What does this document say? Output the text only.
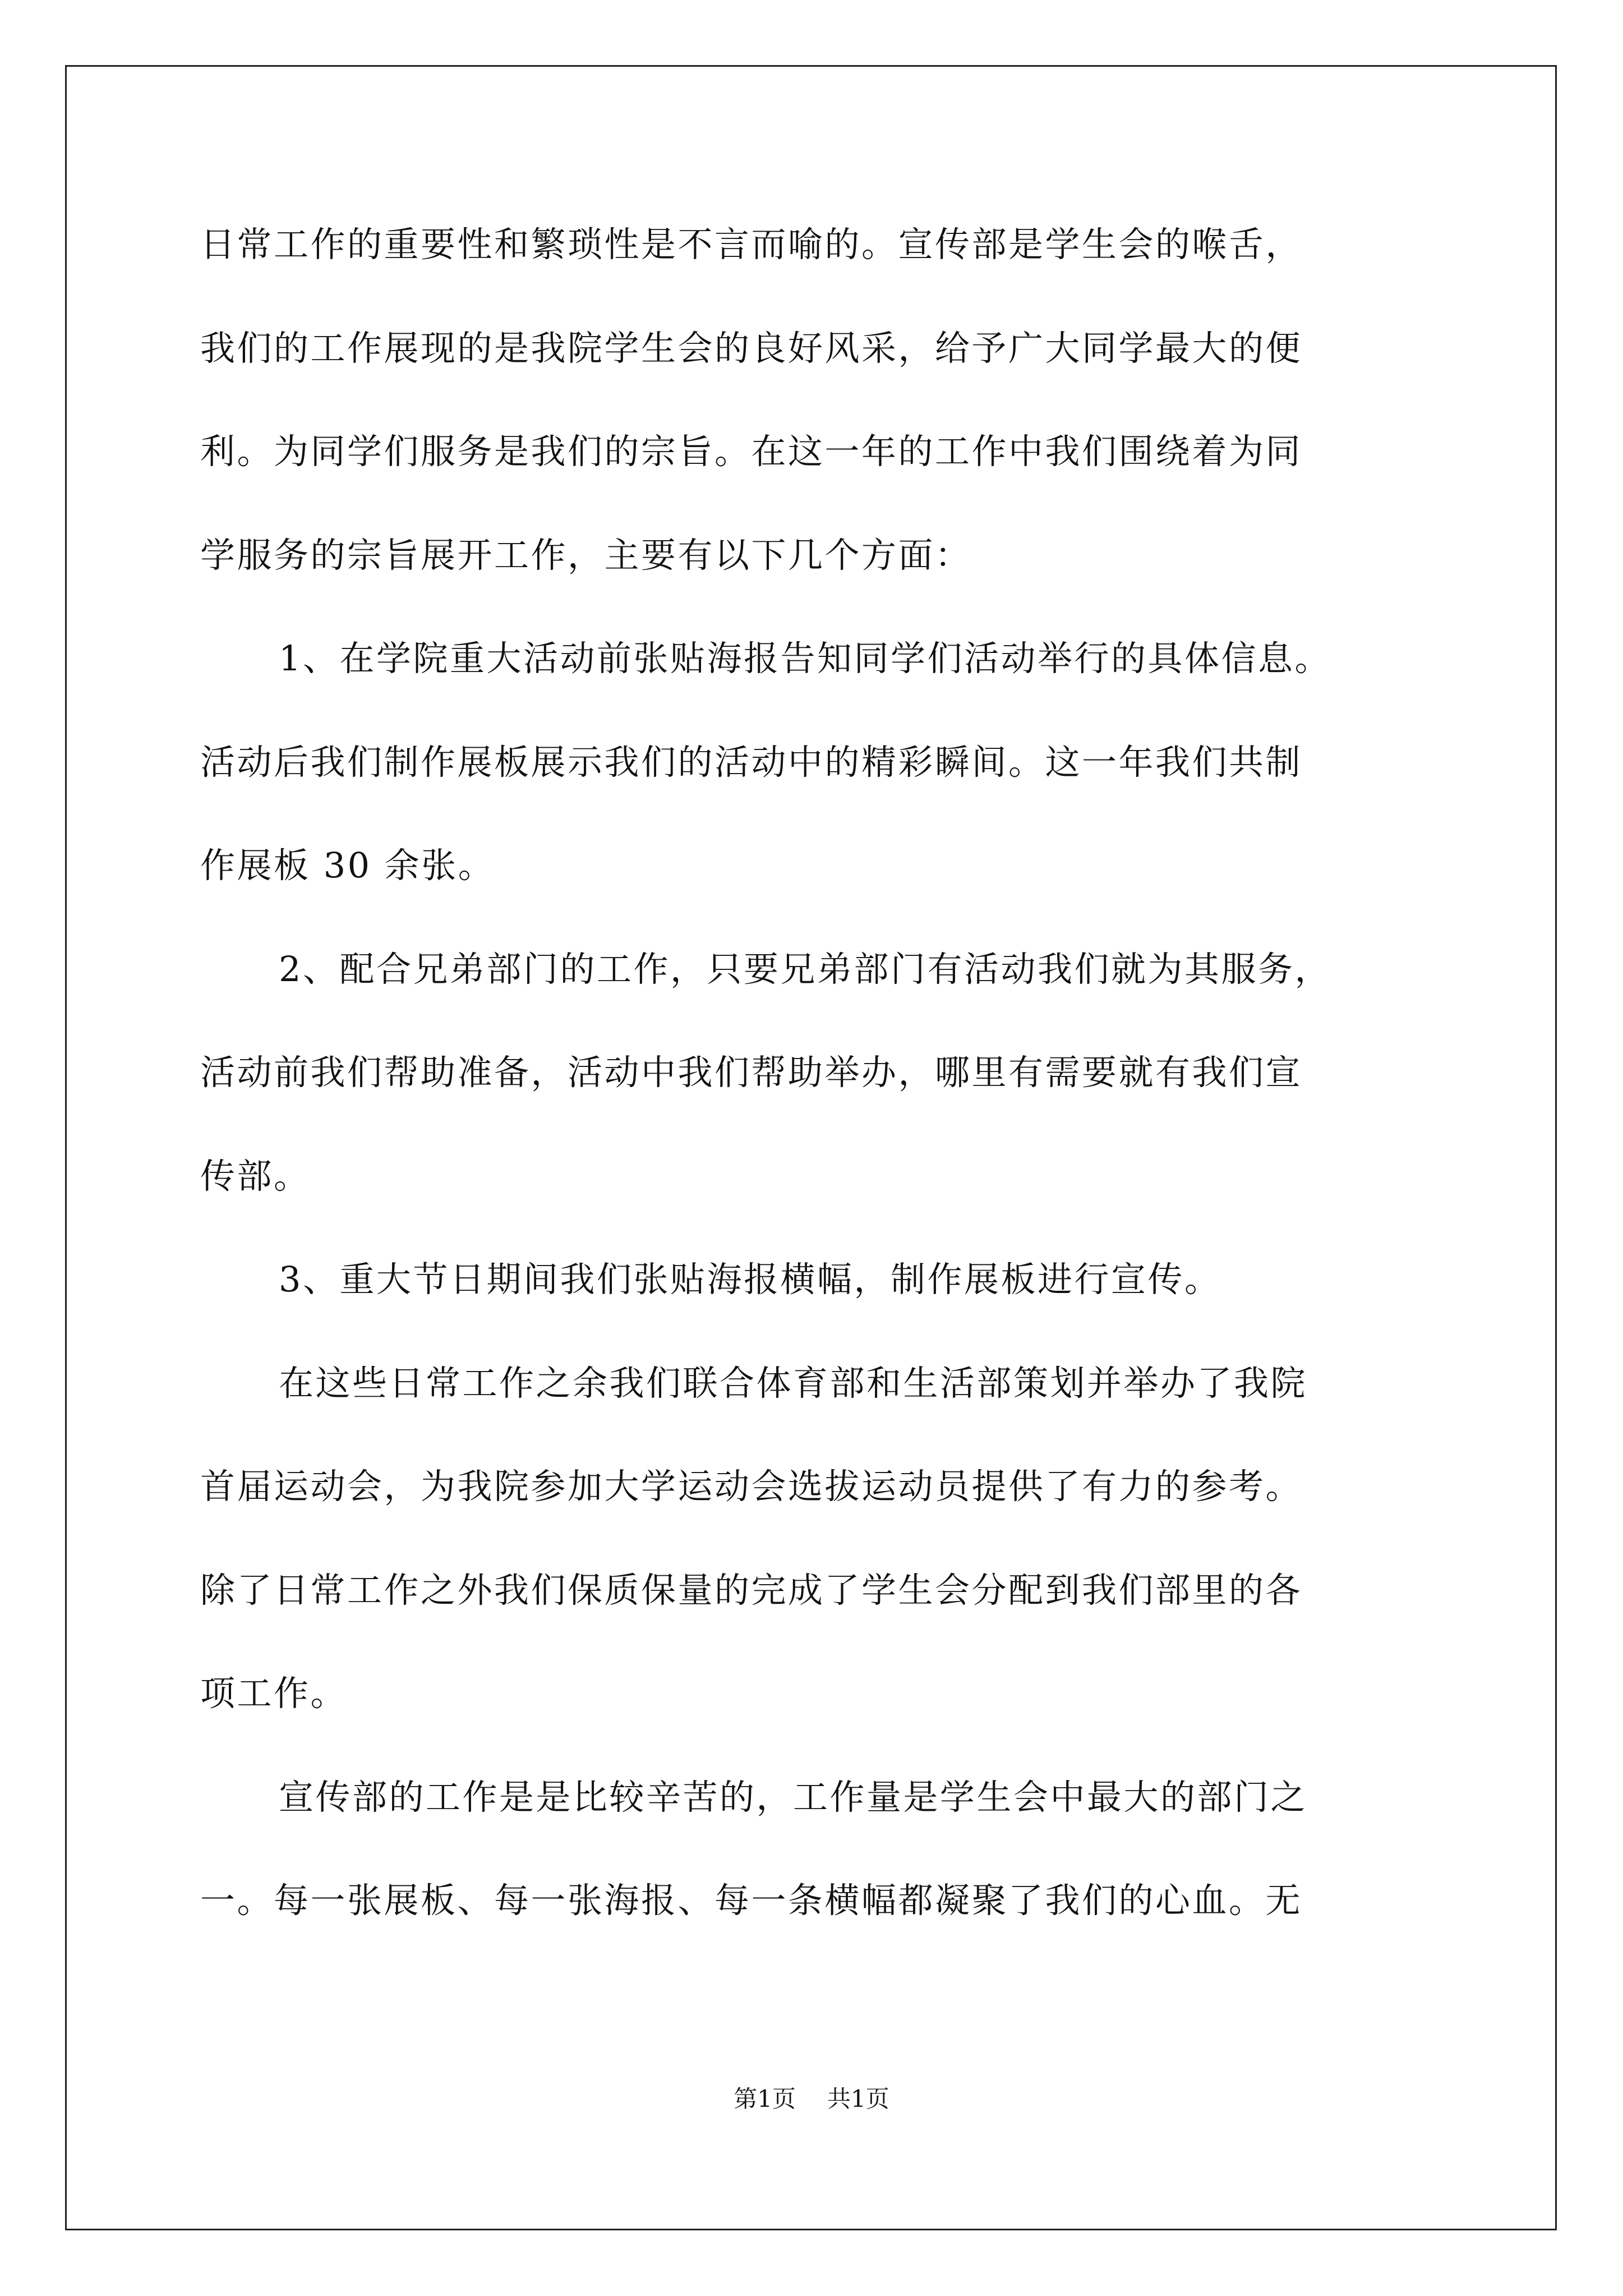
日常工作的重要性和繁琐性是不言而喻的。宣传部是学生会的喉舌，

我们的工作展现的是我院学生会的良好风采，给予广大同学最大的便

利。为同学们服务是我们的宗旨。在这一年的工作中我们围绕着为同

学服务的宗旨展开工作，主要有以下几个方面：

1、在学院重大活动前张贴海报告知同学们活动举行的具体信息。

活动后我们制作展板展示我们的活动中的精彩瞬间。这一年我们共制

作展板 30 余张。

2、配合兄弟部门的工作，只要兄弟部门有活动我们就为其服务，

活动前我们帮助准备，活动中我们帮助举办，哪里有需要就有我们宣

传部。

3、重大节日期间我们张贴海报横幅，制作展板进行宣传。

在这些日常工作之余我们联合体育部和生活部策划并举办了我院

首届运动会，为我院参加大学运动会选拔运动员提供了有力的参考。

除了日常工作之外我们保质保量的完成了学生会分配到我们部里的各

项工作。

宣传部的工作是是比较辛苦的，工作量是学生会中最大的部门之

一。每一张展板、每一张海报、每一条横幅都凝聚了我们的心血。无

第1页 共1页
